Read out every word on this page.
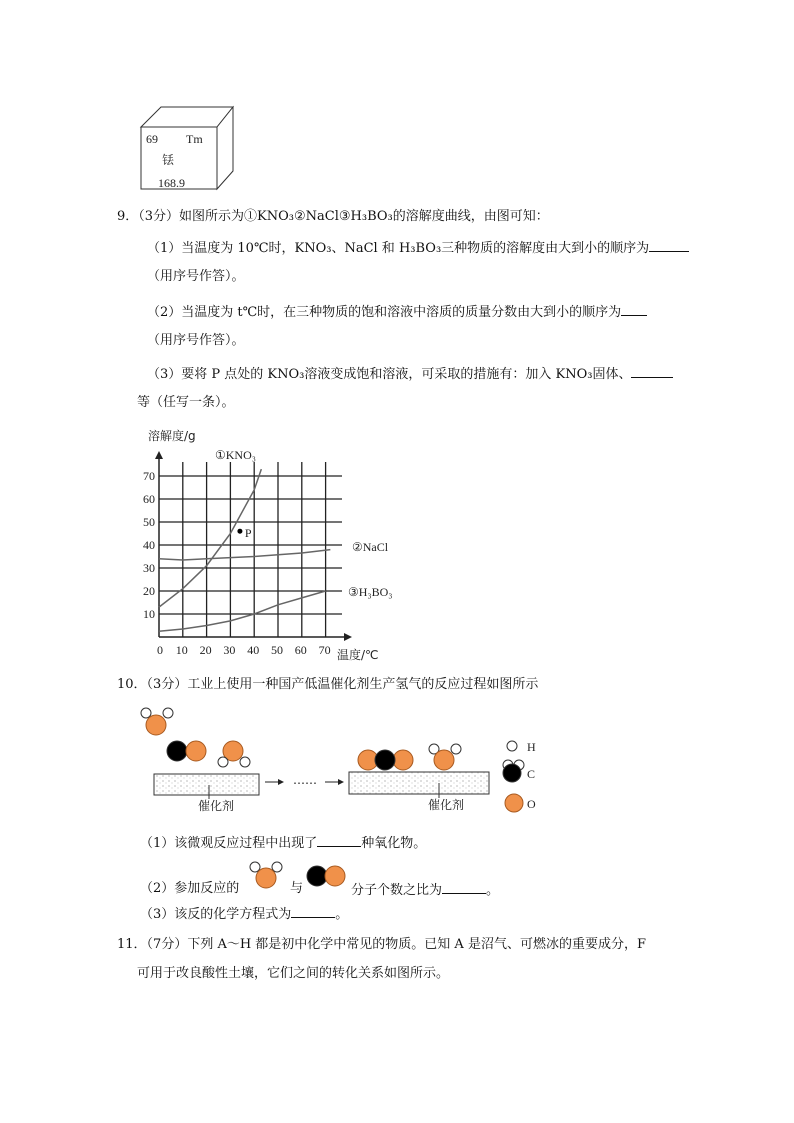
69 Tm
铥
168.9
9．（3分）如图所示为①KNO₃②NaCl③H₃BO₃的溶解度曲线，由图可知：
（1）当温度为 10℃时，KNO₃、NaCl 和 H₃BO₃三种物质的溶解度由大到小的顺序为
（用序号作答）。
（2）当温度为 t℃时，在三种物质的饱和溶液中溶质的质量分数由大到小的顺序为
（用序号作答）。
（3）要将 P 点处的 KNO₃溶液变成饱和溶液，可采取的措施有：加入 KNO₃固体、
等（任写一条）。
溶解度/g
温度/℃
10
20
30
40
50
60
70
0 10 20 30 40 50 60 70
①KNO₃
②NaCl
③H₃BO₃
P
10．（3分）工业上使用一种国产低温催化剂生产氢气的反应过程如图所示
催化剂
……
催化剂
H
C
O
（1）该微观反应过程中出现了	种氧化物。
（2）参加反应的	与	分子个数之比为	。
（3）该反的化学方程式为	。
11．（7分）下列 A～H 都是初中化学中常见的物质。已知 A 是沼气、可燃冰的重要成分，F
可用于改良酸性土壤，它们之间的转化关系如图所示。
